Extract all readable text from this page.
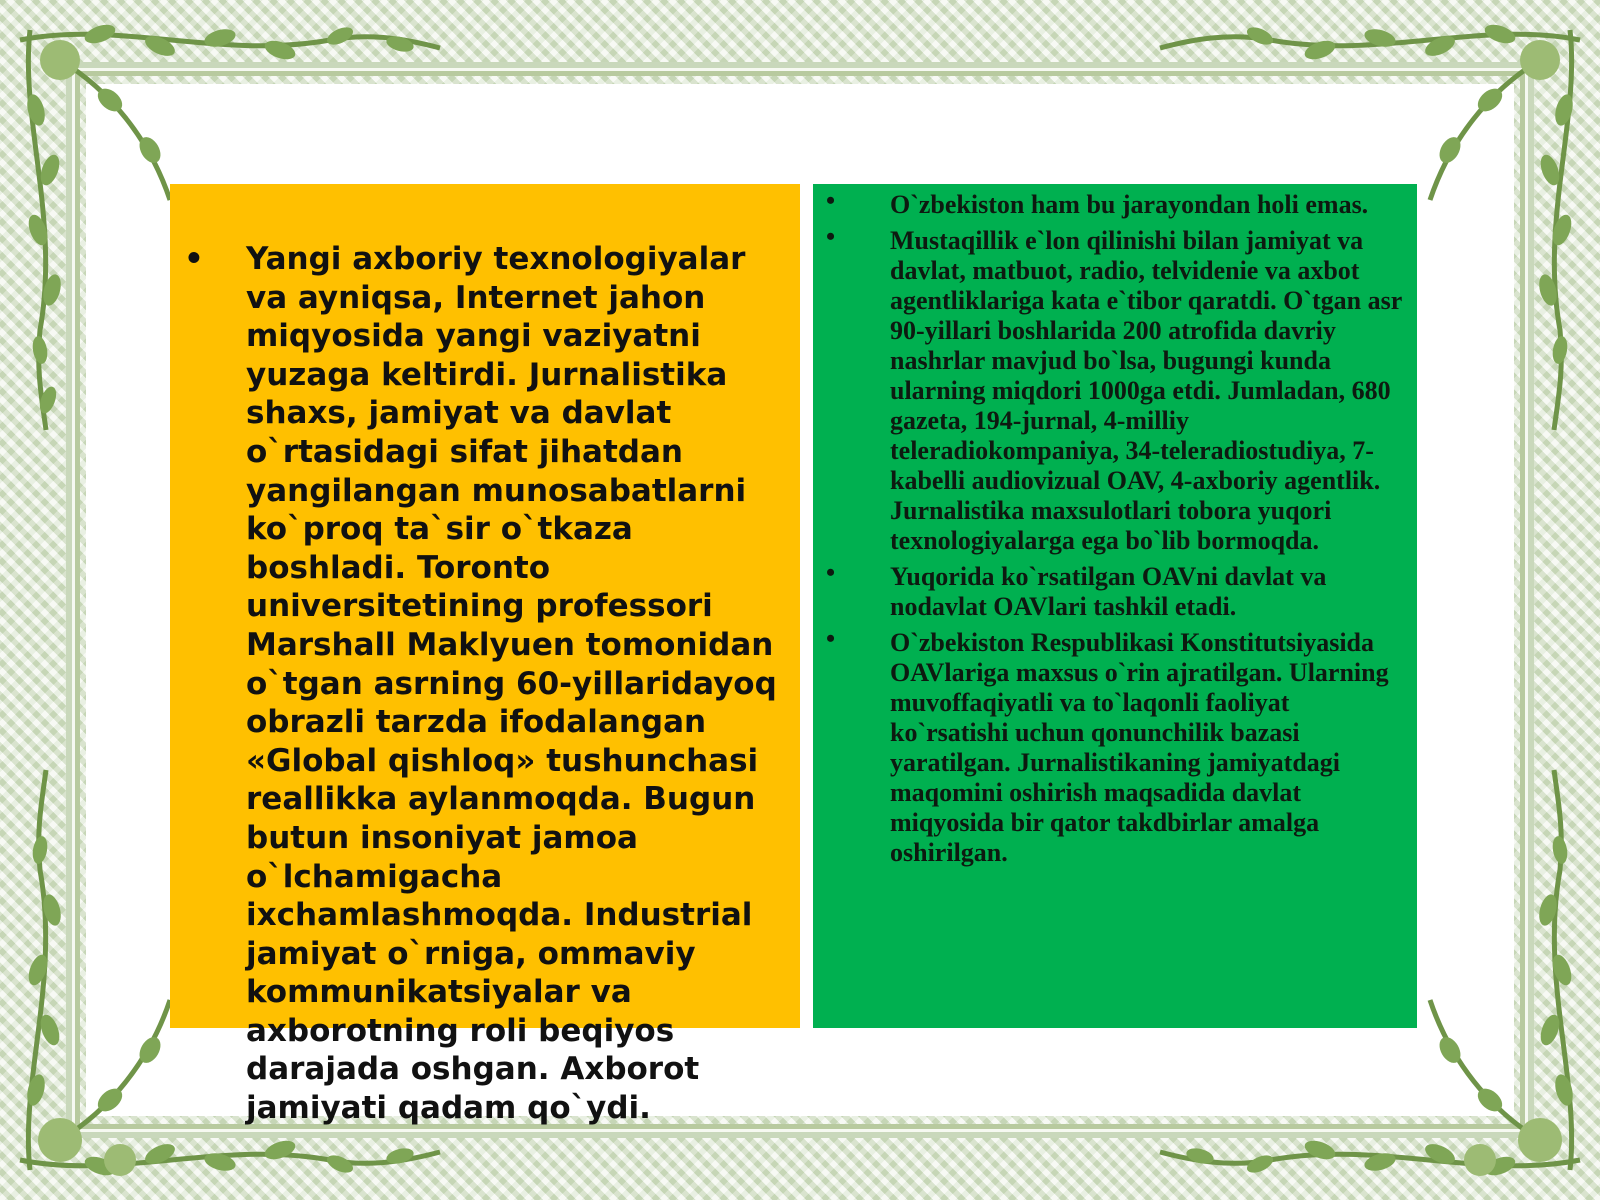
• Yangi axboriy texnologiyalar va ayniqsa, Internet jahon miqyosida yangi vaziyatni yuzaga keltirdi. Jurnalistika shaxs, jamiyat va davlat o`rtasidagi sifat jihatdan yangilangan munosabatlarni ko`proq ta`sir o`tkaza boshladi. Toronto universitetining professori Marshall Maklyuen tomonidan o`tgan asrning 60-yillaridayoq obrazli tarzda ifodalangan «Global qishloq» tushunchasi reallikka aylanmoqda. Bugun butun insoniyat jamoa o`lchamigacha ixchamlashmoqda. Industrial jamiyat o`rniga, ommaviy kommunikatsiyalar va axborotning roli beqiyos darajada oshgan. Axborot jamiyati qadam qo`ydi.
• O`zbekiston ham bu jarayondan holi emas.
• Mustaqillik e`lon qilinishi bilan jamiyat va davlat, matbuot, radio, telvidenie va axbot agentliklariga kata e`tibor qaratdi. O`tgan asr 90-yillari boshlarida 200 atrofida davriy nashrlar mavjud bo`lsa, bugungi kunda ularning miqdori 1000ga etdi. Jumladan, 680 gazeta, 194-jurnal, 4-milliy teleradiokompaniya, 34-teleradiostudiya, 7- kabelli audiovizual OAV, 4-axboriy agentlik. Jurnalistika maxsulotlari tobora yuqori texnologiyalarga ega bo`lib bormoqda.
• Yuqorida ko`rsatilgan OAVni davlat va nodavlat OAVlari tashkil etadi.
• O`zbekiston Respublikasi Konstitutsiyasida OAVlariga maxsus o`rin ajratilgan. Ularning muvoffaqiyatli va to`laqonli faoliyat ko`rsatishi uchun qonunchilik bazasi yaratilgan. Jurnalistikaning jamiyatdagi maqomini oshirish maqsadida davlat miqyosida bir qator takdbirlar amalga oshirilgan.
